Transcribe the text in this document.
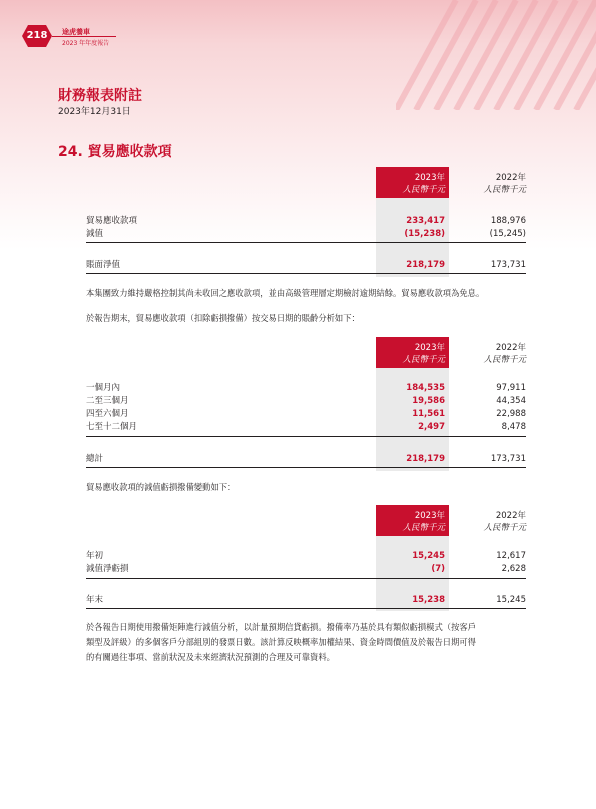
218	途虎養車
2023 年年度報告
財務報表附註
2023年12月31日
24. 貿易應收款項
2023年
人民幣千元
2022年
人民幣千元
貿易應收款項	233,417	188,976
減值	(15,238)	(15,245)
賬面淨值	218,179	173,731
本集團致力維持嚴格控制其尚未收回之應收款項，並由高級管理層定期檢討逾期結餘。貿易應收款項為免息。
於報告期末，貿易應收款項（扣除虧損撥備）按交易日期的賬齡分析如下：
2023年
人民幣千元
2022年
人民幣千元
一個月內	184,535	97,911
二至三個月	19,586	44,354
四至六個月	11,561	22,988
七至十二個月	2,497	8,478
總計	218,179	173,731
貿易應收款項的減值虧損撥備變動如下：
2023年
人民幣千元
2022年
人民幣千元
年初	15,245	12,617
減值淨虧損	(7)	2,628
年末	15,238	15,245
於各報告日期使用撥備矩陣進行減值分析，以計量預期信貸虧損。撥備率乃基於具有類似虧損模式（按客戶
類型及評級）的多個客戶分部組別的發票日數。該計算反映概率加權結果、資金時間價值及於報告日期可得
的有關過往事項、當前狀況及未來經濟狀況預測的合理及可靠資料。
